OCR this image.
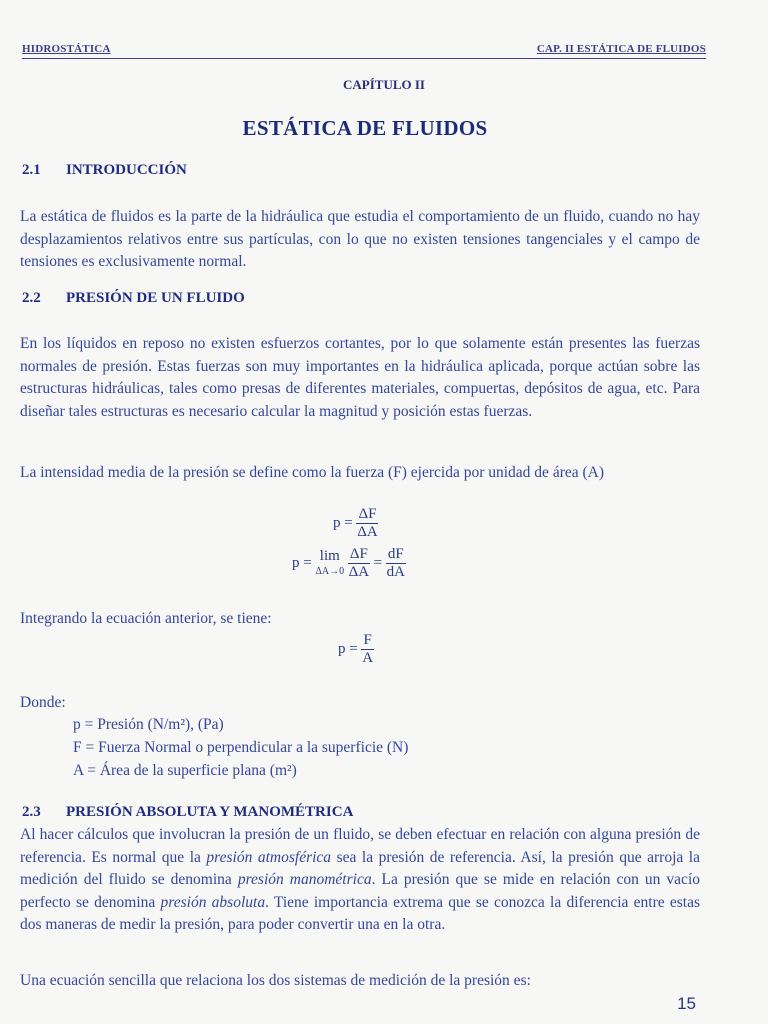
HIDROSTÁTICA	CAP. II ESTÁTICA DE FLUIDOS
CAPÍTULO II
ESTÁTICA DE FLUIDOS
2.1 INTRODUCCIÓN
La estática de fluidos es la parte de la hidráulica que estudia el comportamiento de un fluido, cuando no hay desplazamientos relativos entre sus partículas, con lo que no existen tensiones tangenciales y el campo de tensiones es exclusivamente normal.
2.2 PRESIÓN DE UN FLUIDO
En los líquidos en reposo no existen esfuerzos cortantes, por lo que solamente están presentes las fuerzas normales de presión. Estas fuerzas son muy importantes en la hidráulica aplicada, porque actúan sobre las estructuras hidráulicas, tales como presas de diferentes materiales, compuertas, depósitos de agua, etc. Para diseñar tales estructuras es necesario calcular la magnitud y posición estas fuerzas.
La intensidad media de la presión se define como la fuerza (F) ejercida por unidad de área (A)
$p = \frac{\Delta F}{\Delta A}$
p = lim
ΔA→0
$\frac{\Delta F}{\Delta A} = \frac{dF}{dA}$
Integrando la ecuación anterior, se tiene:
$p = \frac{F}{A}$
Donde:
p = Presión (N/m²), (Pa)
F = Fuerza Normal o perpendicular a la superficie (N)
A = Área de la superficie plana (m²)
2.3 PRESIÓN ABSOLUTA Y MANOMÉTRICA
Al hacer cálculos que involucran la presión de un fluido, se deben efectuar en relación con alguna presión de referencia. Es normal que la presión atmosférica sea la presión de referencia. Así, la presión que arroja la medición del fluido se denomina presión manométrica. La presión que se mide en relación con un vacío perfecto se denomina presión absoluta. Tiene importancia extrema que se conozca la diferencia entre estas dos maneras de medir la presión, para poder convertir una en la otra.
Una ecuación sencilla que relaciona los dos sistemas de medición de la presión es:
15
